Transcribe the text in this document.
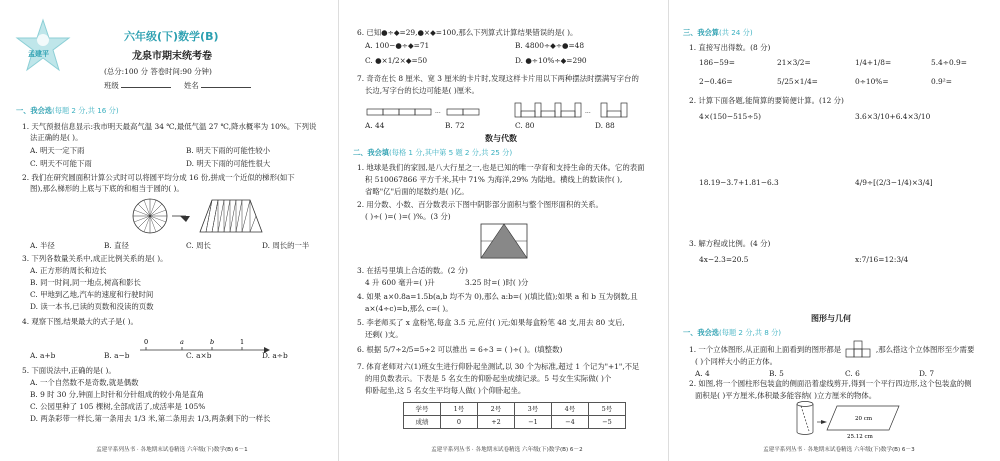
孟建平
六年级(下)数学(B)
龙泉市期末统考卷
(总分:100 分 答卷时间:90 分钟)
班级	姓名
一、我会选(每题 2 分,共 16 分)
1. 天气预报信息显示:我市明天最高气温 34 ℃,最低气温 27 ℃,降水概率为 10%。下列说
法正确的是( )。
A. 明天一定下雨	B. 明天下雨的可能性较小
C. 明天不可能下雨	D. 明天下雨的可能性很大
2. 我们在研究圆面积计算公式时可以将圆平均分成 16 份,拼成一个近似的梯形(如下
图),那么梯形的上底与下底的和相当于圆的( )。
A. 半径	B. 直径	C. 周长	D. 周长的一半
3. 下列各数量关系中,成正比例关系的是( )。
A. 正方形的周长和边长
B. 同一时间,同一地点,树高和影长
C. 甲地到乙地,汽车的速度和行驶时间
D. 读一本书,已读的页数和没读的页数
4. 观察下图,结果最大的式子是( )。
0	a	b	1
A. a+b	B. a−b	C. a×b	D. a÷b
5. 下面说法中,正确的是( )。
A. 一个自然数不是奇数,就是偶数
B. 9 时 30 分,钟面上时针和分针组成的较小角是直角
C. 公园里种了 105 棵树,全部成活了,成活率是 105%
D. 两条彩带一样长,第一条用去 1/3 米,第二条用去 1/3,两条剩下的一样长
孟建平系列丛书 · 各地期末试卷精选 六年级(下)数学(B) 6－1
6. 已知●÷◆=29,●×◆=100,那么下列算式计算结果错误的是( )。
A. 100−●÷◆=71	B. 4800÷◆÷●=48
C. ●×1/2×◆=50	D. ●÷10%÷◆=290
7. 奇奇在长 8 厘米、宽 3 厘米的卡片时,发现这样卡片用以下两种摆法时摆满写字台的
长边,写字台的长边可能是( )厘米。
···	···
A. 44	B. 72	C. 80	D. 88
数与代数
二、我会填(每格 1 分,其中第 5 题 2 分,共 25 分)
1. 地球是我们的家园,是八大行星之一,也是已知的唯一孕育和支持生命的天体。它的表面
积 510067866 平方千米,其中 71% 为海洋,29% 为陆地。横线上的数读作( ),
省略"亿"后面的尾数约是( )亿。
2. 用分数、小数、百分数表示下图中阴影部分面积与整个图形面积的关系。
( )÷( )=( )=( )%。(3 分)
3. 在括号里填上合适的数。(2 分)
4 升 600 毫升=( )升	3.25 时=( )时( )分
4. 如果 a×0.8a=1.5b(a,b 均不为 0),那么 a:b=( )(填比值);如果 a 和 b 互为倒数,且
a×(4÷c)=b,那么 c=( )。
5. 李老师买了 x 盒粉笔,每盒 3.5 元,应付( )元;如果每盒粉笔 48 支,用去 80 支后,
还剩( )支。
6. 根据 5/7÷2/5=5÷2 可以推出 = 6÷3 = ( )÷( )。(填整数)
7. 体育老师对六(1)班女生进行仰卧起坐测试,以 30 个为标准,超过 1 个记为"+1",不足
的用负数表示。下表是 5 名女生的仰卧起坐成绩记录。5 号女生实际做( )个
仰卧起坐,这 5 名女生平均每人做( )个仰卧起坐。
学号	1号	2号	3号	4号	5号
成绩	0	+2	−1	−4	−5
孟建平系列丛书 · 各地期末试卷精选 六年级(下)数学(B) 6－2
三、我会算(共 24 分)
1. 直接写出得数。(8 分)
186−59=	21×3/2=	1/4+1/8=	5.4÷0.9=
2−0.46=	5/25×1/4=	0÷10%=	0.9²=
2. 计算下面各题,能简算的要简便计算。(12 分)
4×(150−515÷5)	3.6×3/10+6.4×3/10
18.19−3.7+1.81−6.3	4/9÷[(2/3−1/4)×3/4]
3. 解方程或比例。(4 分)
4x−2.3=20.5	x:7/16=12:3/4
图形与几何
一、我会选(每题 2 分,共 8 分)
1. 一个立体图形,从正面和上面看到的图形都是	,那么搭这个立体图形至少需要
( )个同样大小的正方体。
A. 4	B. 5	C. 6	D. 7
2. 如图,将一个圆柱形包装盒的侧面沿着虚线剪开,得到一个平行四边形,这个包装盒的侧
面积是( )平方厘米,体积最多能容纳( )立方厘米的物体。
20 cm
25.12 cm
孟建平系列丛书 · 各地期末试卷精选 六年级(下)数学(B) 6－3
